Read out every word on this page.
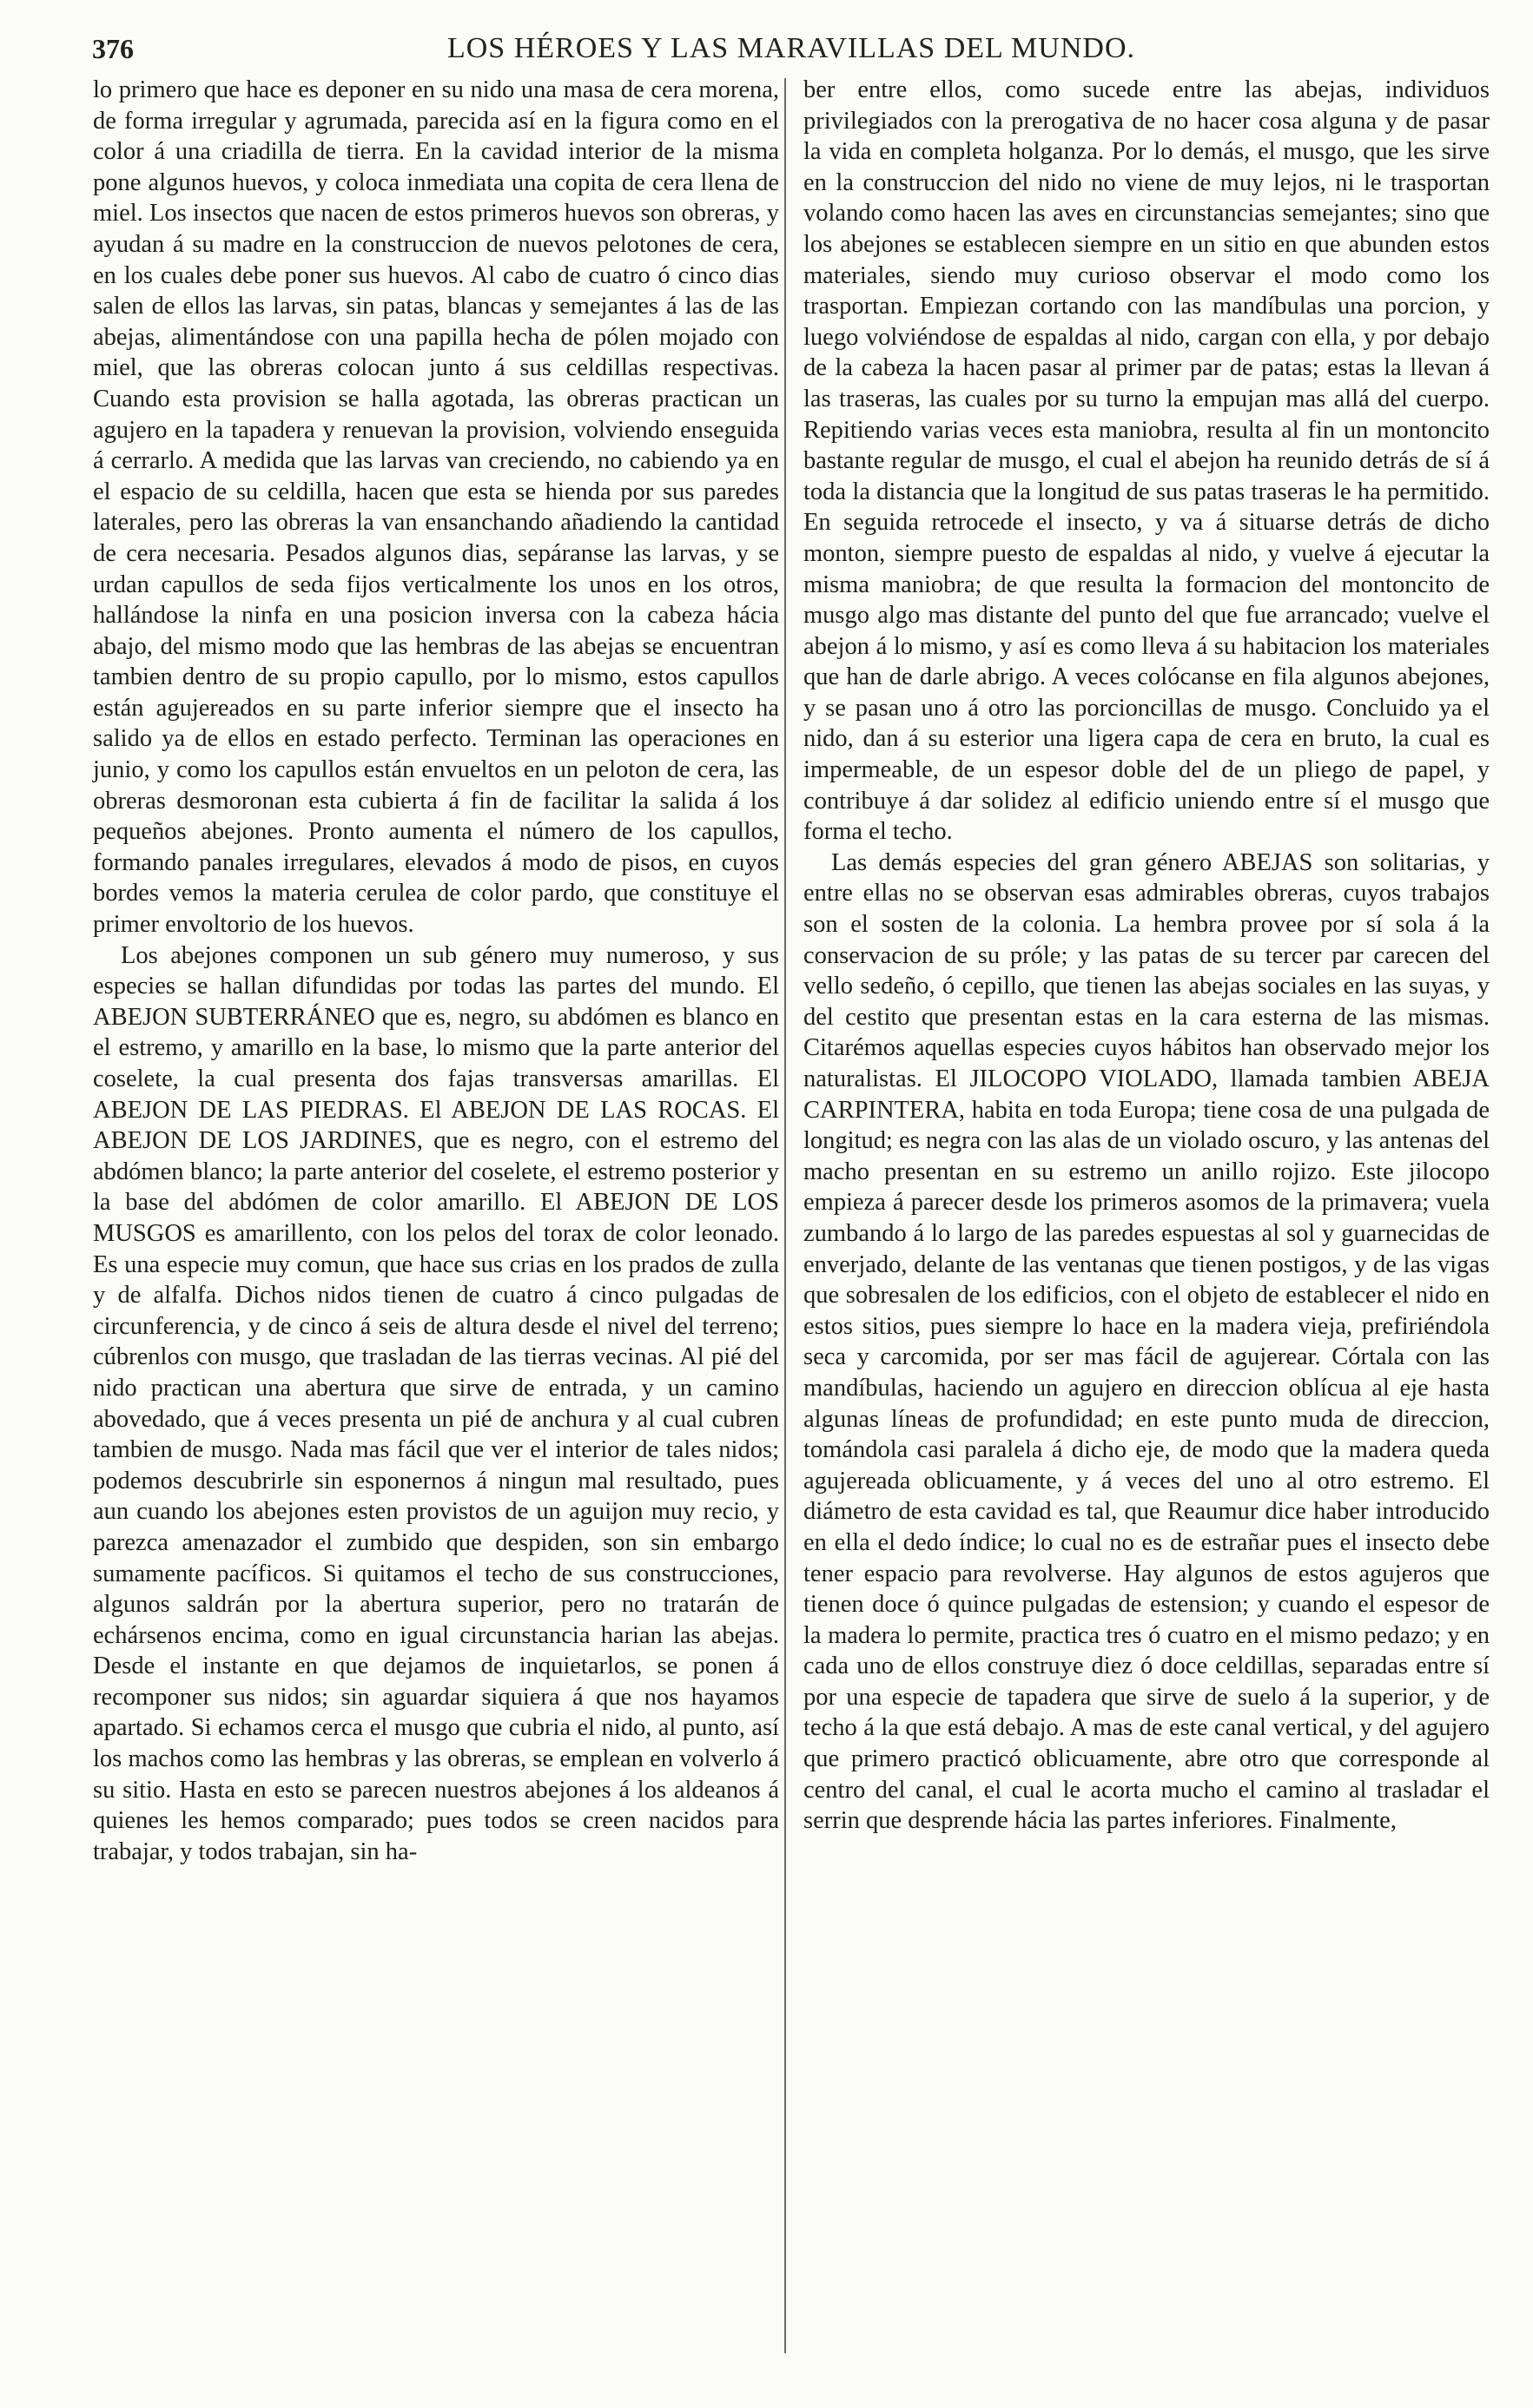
376	LOS HÉROES Y LAS MARAVILLAS DEL MUNDO.

lo primero que hace es deponer en su nido una masa de cera morena, de forma irregular y agrumada, parecida así en la figura como en el color á una criadilla de tierra. En la cavidad interior de la misma pone algunos huevos, y coloca inmediata una copita de cera llena de miel. Los insectos que nacen de estos primeros huevos son obreras, y ayudan á su madre en la construccion de nuevos pelotones de cera, en los cuales debe poner sus huevos. Al cabo de cuatro ó cinco dias salen de ellos las larvas, sin patas, blancas y semejantes á las de las abejas, alimentándose con una papilla hecha de pólen mojado con miel, que las obreras colocan junto á sus celdillas respectivas. Cuando esta provision se halla agotada, las obreras practican un agujero en la tapadera y renuevan la provision, volviendo enseguida á cerrarlo. A medida que las larvas van creciendo, no cabiendo ya en el espacio de su celdilla, hacen que esta se hienda por sus paredes laterales, pero las obreras la van ensanchando añadiendo la cantidad de cera necesaria. Pesados algunos dias, sepáranse las larvas, y se urdan capullos de seda fijos verticalmente los unos en los otros, hallándose la ninfa en una posicion inversa con la cabeza hácia abajo, del mismo modo que las hembras de las abejas se encuentran tambien dentro de su propio capullo, por lo mismo, estos capullos están agujereados en su parte inferior siempre que el insecto ha salido ya de ellos en estado perfecto. Terminan las operaciones en junio, y como los capullos están envueltos en un peloton de cera, las obreras desmoronan esta cubierta á fin de facilitar la salida á los pequeños abejones. Pronto aumenta el número de los capullos, formando panales irregulares, elevados á modo de pisos, en cuyos bordes vemos la materia cerulea de color pardo, que constituye el primer envoltorio de los huevos.

Los abejones componen un sub género muy numeroso, y sus especies se hallan difundidas por todas las partes del mundo. El ABEJON SUBTERRÁNEO que es, negro, su abdómen es blanco en el estremo, y amarillo en la base, lo mismo que la parte anterior del coselete, la cual presenta dos fajas transversas amarillas. El ABEJON DE LAS PIEDRAS. El ABEJON DE LAS ROCAS. El ABEJON DE LOS JARDINES, que es negro, con el estremo del abdómen blanco; la parte anterior del coselete, el estremo posterior y la base del abdómen de color amarillo. El ABEJON DE LOS MUSGOS es amarillento, con los pelos del torax de color leonado. Es una especie muy comun, que hace sus crias en los prados de zulla y de alfalfa. Dichos nidos tienen de cuatro á cinco pulgadas de circunferencia, y de cinco á seis de altura desde el nivel del terreno; cúbrenlos con musgo, que trasladan de las tierras vecinas. Al pié del nido practican una abertura que sirve de entrada, y un camino abovedado, que á veces presenta un pié de anchura y al cual cubren tambien de musgo. Nada mas fácil que ver el interior de tales nidos; podemos descubrirle sin esponernos á ningun mal resultado, pues aun cuando los abejones esten provistos de un aguijon muy recio, y parezca amenazador el zumbido que despiden, son sin embargo sumamente pacíficos. Si quitamos el techo de sus construcciones, algunos saldrán por la abertura superior, pero no tratarán de echársenos encima, como en igual circunstancia harian las abejas. Desde el instante en que dejamos de inquietarlos, se ponen á recomponer sus nidos; sin aguardar siquiera á que nos hayamos apartado. Si echamos cerca el musgo que cubria el nido, al punto, así los machos como las hembras y las obreras, se emplean en volverlo á su sitio. Hasta en esto se parecen nuestros abejones á los aldeanos á quienes les hemos comparado; pues todos se creen nacidos para trabajar, y todos trabajan, sin ha-

ber entre ellos, como sucede entre las abejas, individuos privilegiados con la prerogativa de no hacer cosa alguna y de pasar la vida en completa holganza. Por lo demás, el musgo, que les sirve en la construccion del nido no viene de muy lejos, ni le trasportan volando como hacen las aves en circunstancias semejantes; sino que los abejones se establecen siempre en un sitio en que abunden estos materiales, siendo muy curioso observar el modo como los trasportan. Empiezan cortando con las mandíbulas una porcion, y luego volviéndose de espaldas al nido, cargan con ella, y por debajo de la cabeza la hacen pasar al primer par de patas; estas la llevan á las traseras, las cuales por su turno la empujan mas allá del cuerpo. Repitiendo varias veces esta maniobra, resulta al fin un montoncito bastante regular de musgo, el cual el abejon ha reunido detrás de sí á toda la distancia que la longitud de sus patas traseras le ha permitido. En seguida retrocede el insecto, y va á situarse detrás de dicho monton, siempre puesto de espaldas al nido, y vuelve á ejecutar la misma maniobra; de que resulta la formacion del montoncito de musgo algo mas distante del punto del que fue arrancado; vuelve el abejon á lo mismo, y así es como lleva á su habitacion los materiales que han de darle abrigo. A veces colócanse en fila algunos abejones, y se pasan uno á otro las porcioncillas de musgo. Concluido ya el nido, dan á su esterior una ligera capa de cera en bruto, la cual es impermeable, de un espesor doble del de un pliego de papel, y contribuye á dar solidez al edificio uniendo entre sí el musgo que forma el techo.

Las demás especies del gran género ABEJAS son solitarias, y entre ellas no se observan esas admirables obreras, cuyos trabajos son el sosten de la colonia. La hembra provee por sí sola á la conservacion de su próle; y las patas de su tercer par carecen del vello sedeño, ó cepillo, que tienen las abejas sociales en las suyas, y del cestito que presentan estas en la cara esterna de las mismas. Citarémos aquellas especies cuyos hábitos han observado mejor los naturalistas. El JILOCOPO VIOLADO, llamada tambien ABEJA CARPINTERA, habita en toda Europa; tiene cosa de una pulgada de longitud; es negra con las alas de un violado oscuro, y las antenas del macho presentan en su estremo un anillo rojizo. Este jilocopo empieza á parecer desde los primeros asomos de la primavera; vuela zumbando á lo largo de las paredes espuestas al sol y guarnecidas de enverjado, delante de las ventanas que tienen postigos, y de las vigas que sobresalen de los edificios, con el objeto de establecer el nido en estos sitios, pues siempre lo hace en la madera vieja, prefiriéndola seca y carcomida, por ser mas fácil de agujerear. Córtala con las mandíbulas, haciendo un agujero en direccion oblícua al eje hasta algunas líneas de profundidad; en este punto muda de direccion, tomándola casi paralela á dicho eje, de modo que la madera queda agujereada oblicuamente, y á veces del uno al otro estremo. El diámetro de esta cavidad es tal, que Reaumur dice haber introducido en ella el dedo índice; lo cual no es de estrañar pues el insecto debe tener espacio para revolverse. Hay algunos de estos agujeros que tienen doce ó quince pulgadas de estension; y cuando el espesor de la madera lo permite, practica tres ó cuatro en el mismo pedazo; y en cada uno de ellos construye diez ó doce celdillas, separadas entre sí por una especie de tapadera que sirve de suelo á la superior, y de techo á la que está debajo. A mas de este canal vertical, y del agujero que primero practicó oblicuamente, abre otro que corresponde al centro del canal, el cual le acorta mucho el camino al trasladar el serrin que desprende hácia las partes inferiores. Finalmente,
